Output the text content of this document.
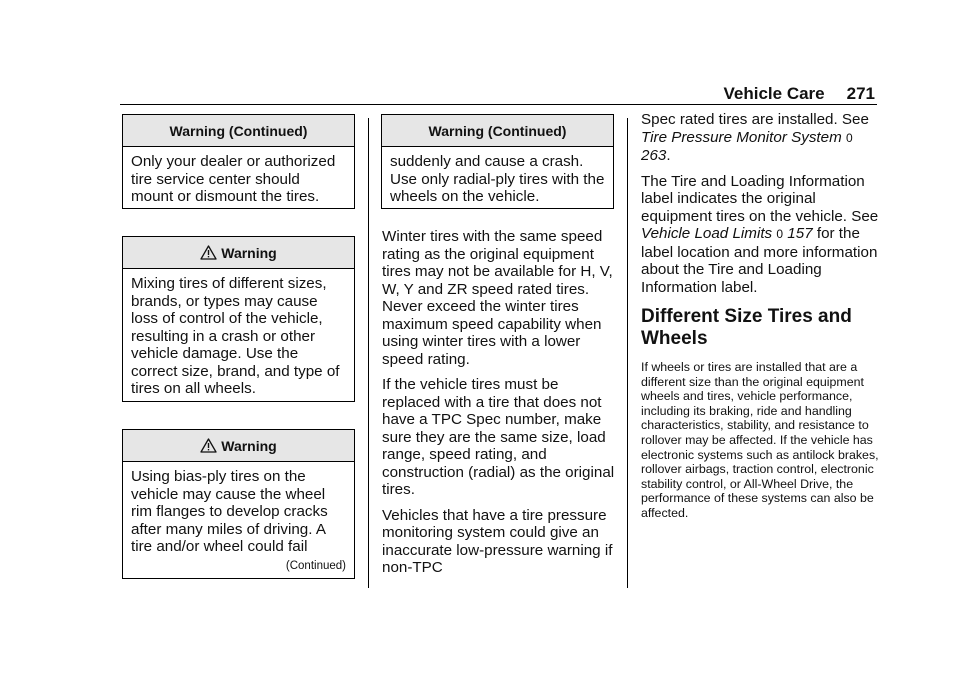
Vehicle Care 271
Warning (Continued)

Only your dealer or authorized tire service center should mount or dismount the tires.

Warning

Mixing tires of different sizes, brands, or types may cause loss of control of the vehicle, resulting in a crash or other vehicle damage. Use the correct size, brand, and type of tires on all wheels.

Warning

Using bias-ply tires on the vehicle may cause the wheel rim flanges to develop cracks after many miles of driving. A tire and/or wheel could fail

(Continued)
Warning (Continued)

suddenly and cause a crash. Use only radial-ply tires with the wheels on the vehicle.

Winter tires with the same speed rating as the original equipment tires may not be available for H, V, W, Y and ZR speed rated tires. Never exceed the winter tires maximum speed capability when using winter tires with a lower speed rating.

If the vehicle tires must be replaced with a tire that does not have a TPC Spec number, make sure they are the same size, load range, speed rating, and construction (radial) as the original tires.

Vehicles that have a tire pressure monitoring system could give an inaccurate low-pressure warning if non-TPC

Spec rated tires are installed. See Tire Pressure Monitor System 0 263.

The Tire and Loading Information label indicates the original equipment tires on the vehicle. See Vehicle Load Limits 0 157 for the label location and more information about the Tire and Loading Information label.

Different Size Tires and Wheels

If wheels or tires are installed that are a different size than the original equipment wheels and tires, vehicle performance, including its braking, ride and handling characteristics, stability, and resistance to rollover may be affected. If the vehicle has electronic systems such as antilock brakes, rollover airbags, traction control, electronic stability control, or All-Wheel Drive, the performance of these systems can also be affected.
